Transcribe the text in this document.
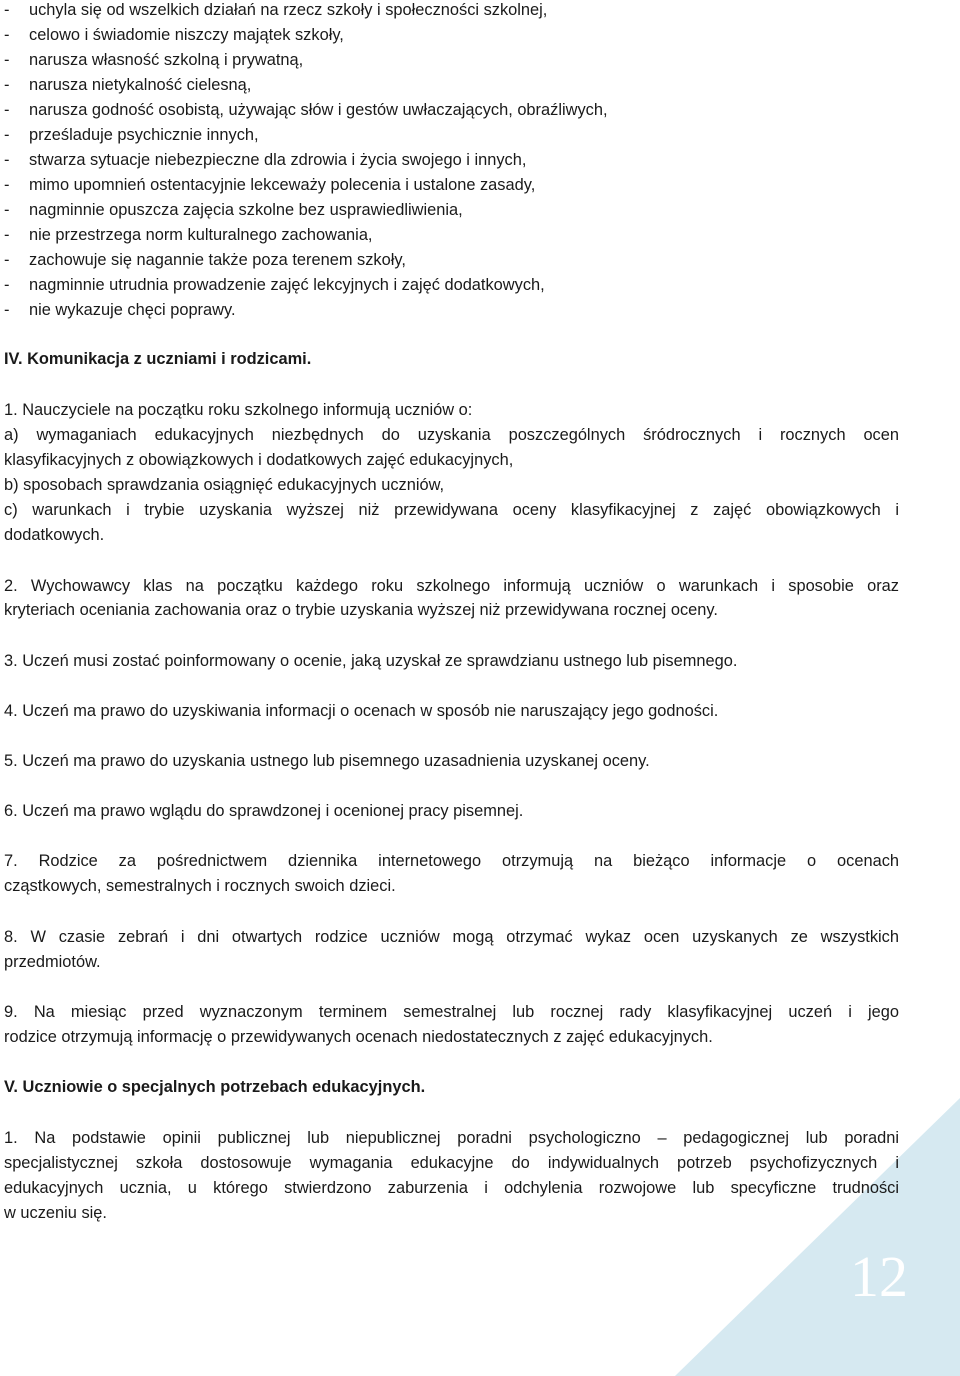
- uchyla się od wszelkich działań na rzecz szkoły i społeczności szkolnej,
- celowo i świadomie niszczy majątek szkoły,
- narusza własność szkolną i prywatną,
- narusza nietykalność cielesną,
- narusza godność osobistą, używając słów i gestów uwłaczających, obraźliwych,
- prześladuje psychicznie innych,
- stwarza sytuacje niebezpieczne dla zdrowia i życia swojego i innych,
- mimo upomnień ostentacyjnie lekceważy polecenia i ustalone zasady,
- nagminnie opuszcza zajęcia szkolne bez usprawiedliwienia,
- nie przestrzega norm kulturalnego zachowania,
- zachowuje się nagannie także poza terenem szkoły,
- nagminnie utrudnia prowadzenie zajęć lekcyjnych i zajęć dodatkowych,
- nie wykazuje chęci poprawy.
IV. Komunikacja z uczniami i rodzicami.
1. Nauczyciele na początku roku szkolnego informują uczniów o:
a) wymaganiach edukacyjnych niezbędnych do uzyskania poszczególnych śródrocznych i rocznych ocen
klasyfikacyjnych z obowiązkowych i dodatkowych zajęć edukacyjnych,
b) sposobach sprawdzania osiągnięć edukacyjnych uczniów,
c) warunkach i trybie uzyskania wyższej niż przewidywana oceny klasyfikacyjnej z zajęć obowiązkowych i
dodatkowych.
2. Wychowawcy klas na początku każdego roku szkolnego informują uczniów o warunkach i sposobie oraz
kryteriach oceniania zachowania oraz o trybie uzyskania wyższej niż przewidywana rocznej oceny.
3. Uczeń musi zostać poinformowany o ocenie, jaką uzyskał ze sprawdzianu ustnego lub pisemnego.
4. Uczeń ma prawo do uzyskiwania informacji o ocenach w sposób nie naruszający jego godności.
5. Uczeń ma prawo do uzyskania ustnego lub pisemnego uzasadnienia uzyskanej oceny.
6. Uczeń ma prawo wglądu do sprawdzonej i ocenionej pracy pisemnej.
7. Rodzice za pośrednictwem dziennika internetowego otrzymują na bieżąco informacje o ocenach
cząstkowych, semestralnych i rocznych swoich dzieci.
8. W czasie zebrań i dni otwartych rodzice uczniów mogą otrzymać wykaz ocen uzyskanych ze wszystkich
przedmiotów.
9. Na miesiąc przed wyznaczonym terminem semestralnej lub rocznej rady klasyfikacyjnej uczeń i jego
rodzice otrzymują informację o przewidywanych ocenach niedostatecznych z zajęć edukacyjnych.
V. Uczniowie o specjalnych potrzebach edukacyjnych.
1. Na podstawie opinii publicznej lub niepublicznej poradni psychologiczno – pedagogicznej lub poradni
specjalistycznej szkoła dostosowuje wymagania edukacyjne do indywidualnych potrzeb psychofizycznych i
edukacyjnych ucznia, u którego stwierdzono zaburzenia i odchylenia rozwojowe lub specyficzne trudności
w uczeniu się.
12
